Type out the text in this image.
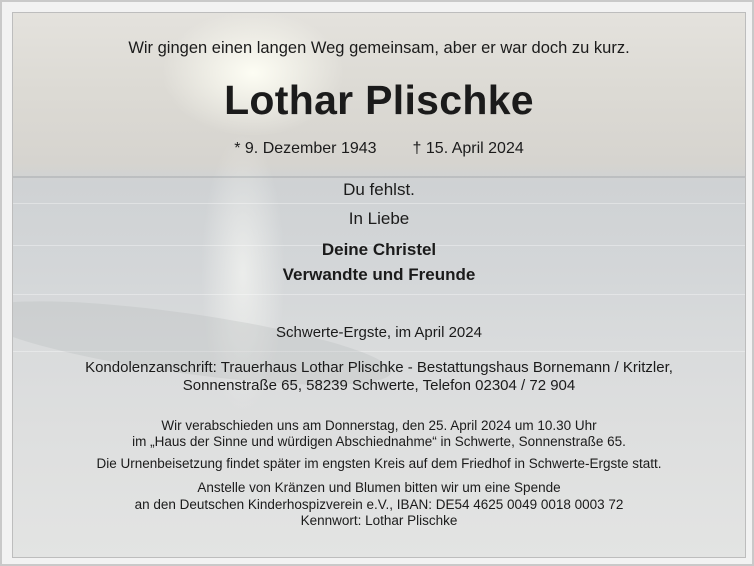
Wir gingen einen langen Weg gemeinsam, aber er war doch zu kurz.
Lothar Plischke
* 9. Dezember 1943 † 15. April 2024
Du fehlst.
In Liebe
Deine Christel
Verwandte und Freunde
Schwerte-Ergste, im April 2024
Kondolenzanschrift: Trauerhaus Lothar Plischke - Bestattungshaus Bornemann / Kritzler,
Sonnenstraße 65, 58239 Schwerte, Telefon 02304 / 72 904
Wir verabschieden uns am Donnerstag, den 25. April 2024 um 10.30 Uhr
im „Haus der Sinne und würdigen Abschiednahme“ in Schwerte, Sonnenstraße 65.
Die Urnenbeisetzung findet später im engsten Kreis auf dem Friedhof in Schwerte-Ergste statt.
Anstelle von Kränzen und Blumen bitten wir um eine Spende
an den Deutschen Kinderhospizverein e.V., IBAN: DE54 4625 0049 0018 0003 72
Kennwort: Lothar Plischke
